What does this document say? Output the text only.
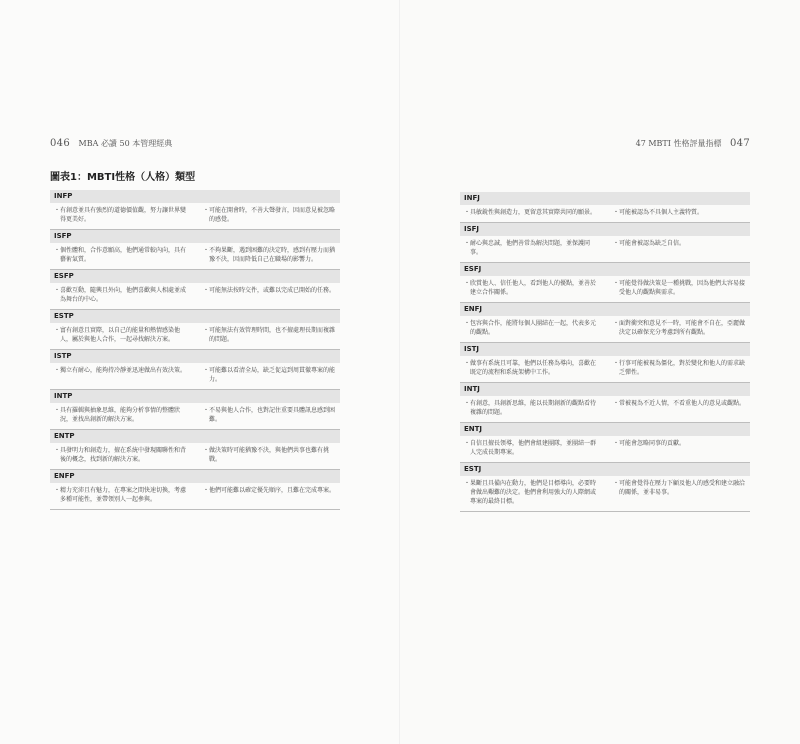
046 MBA 必讀 50 本管理經典
圖表1：MBTI性格（人格）類型
INFP
・有創意並具有強烈的道德價值觀，努力讓世界變得更美好。
・可能在開會時，不善大聲發言，因而意見被忽略的感覺。
ISFP
・個性體和，合作意願高，他們通常較內向，具有藝術氣質。
・不夠果斷，遇到困難的決定時，感到有壓力而猶豫不決，因而降低自己在職場的影響力。
ESFP
・喜歡互動，隨興且外向，他們喜歡與人相處並成為舞台的中心。
・可能無法按時交件，或難以完成已開始的任務。
ESTP
・富有創意且實際，以自己的能量和熱情感染他人，屬於與他人合作，一起尋找解決方案。
・可能無法有效管理時間，也不擅處理長期而複雜的問題。
ISTP
・獨立有耐心，能夠持冷靜並迅速做出有效決策。	・可能難以看清全局，缺乏促這到周貫徹專案的能力。
INTP
・具有羅輯與抽象思維，能夠分析事情的整體狀況，並找出創新的解決方案。
・不易與他人合作，也對記住重要具體訊息感到困難。
ENTP
・具發明力和創造力，擅在系統中發現關聯性和背後的概念，找到新的解決方案。
・做決策時可能猶豫不決，與他們共事也難有挑戰。
ENFP
・精力充沛且有魅力，在專案之間快速切換，考慮多種可能性，並帶領別人一起參與。
・他們可能難以確定優先順序，且難在完成專案。
47 MBTI 性格評量指標 047
INFJ
・具敏銳性與創造力，更留意其實際共同的願景。	・可能被認為不具個人主義特質。
ISFJ
・耐心與忠誠，他們善常為解決問題，並保護同事。
・可能會被認為缺乏自信。
ESFJ
・欣賞他人、信任他人，看到他人的優點，並善於建立合作關係。
・可能覺得做決策是一種挑戰，因為他們太容易接受他人的觀點與需求。
ENFJ
・包容與合作，能將每個人團結在一起，代表多元的觀點。
・面對衝突和意見不一時，可能會不自在，亞麗做決定以確保充分考慮到所有觀點。
ISTJ
・做事有系統且可靠，他們以任務為導向，喜歡在既定的流程和系統架構中工作。
・行事可能被視為僵化，對於變化和他人的需求缺乏彈性。
INTJ
・有創意，具創新思維，能以長期創新的觀點看待複雜的問題。
・常被視為不近人情，不看重他人的意見或觀點。
ENTJ
・自信且擅長領導，他們會組建團隊，並團結一群人完成長期專案。
・可能會忽略同事的貢獻。
ESTJ
・果斷且具備內在動力，他們是目標導向，必要時會做出艱難的決定。他們會利用強大的人際網或專案的最終目標。
・可能會覺得在壓力下顧及他人的感受和建立融洽的關係，並非易事。
